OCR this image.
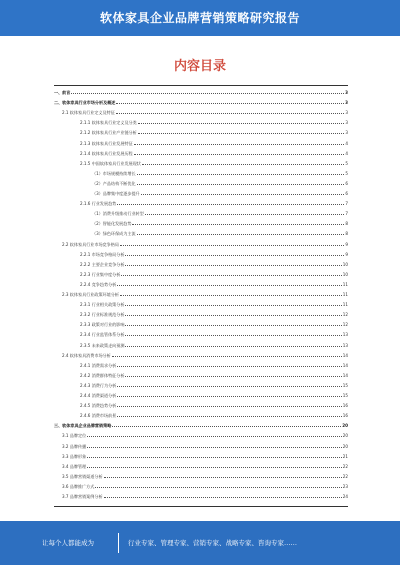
软体家具企业品牌营销策略研究报告
内容目录
一、前言	3
二、软体家具行业市场分析及概述	3
2.1 软体家具行业定义及特征	3
2.1.1 软体家具行业定义及分类	3
2.1.2 软体家具行业产业链分析	3
2.1.3 软体家具行业发展特征	4
2.1.4 软体家具行业发展历程	4
2.1.5 中国软体家具行业发展现状	5
（1）市场规模持续增长	5
（2）产品结构不断优化	6
（3）品牌集中度逐步提升	6
2.1.6 行业发展趋势	7
（1）消费升级推动行业转型	7
（2）智能化发展趋势	8
（3）绿色环保成为主流	8
2.2 软体家具行业市场竞争格局	9
2.2.1 市场竞争格局分析	9
2.2.2 主要企业竞争分析	10
2.2.3 行业集中度分析	10
2.2.4 竞争趋势分析	11
2.3 软体家具行业政策环境分析	11
2.3.1 行业相关政策分析	11
2.3.2 行业标准规范分析	12
2.3.3 政策对行业的影响	12
2.3.4 行业监管体系分析	13
2.3.5 未来政策走向预测	13
2.4 软体家具消费市场分析	14
2.4.1 消费需求分析	14
2.4.2 消费群体特征分析	14
2.4.3 消费行为分析	15
2.4.4 消费渠道分析	15
2.4.5 消费趋势分析	16
2.4.6 消费市场前景	16
三、软体家具企业品牌营销策略	20
3.1 品牌定位	20
3.2 品牌传播	20
3.3 品牌形象	21
3.4 品牌管理	22
3.5 品牌营销渠道分析	22
3.6 品牌推广方式	23
3.7 品牌营销案例分析	24
让每个人都能成为	行业专家、管理专家、营销专家、战略专家、咨询专家……
